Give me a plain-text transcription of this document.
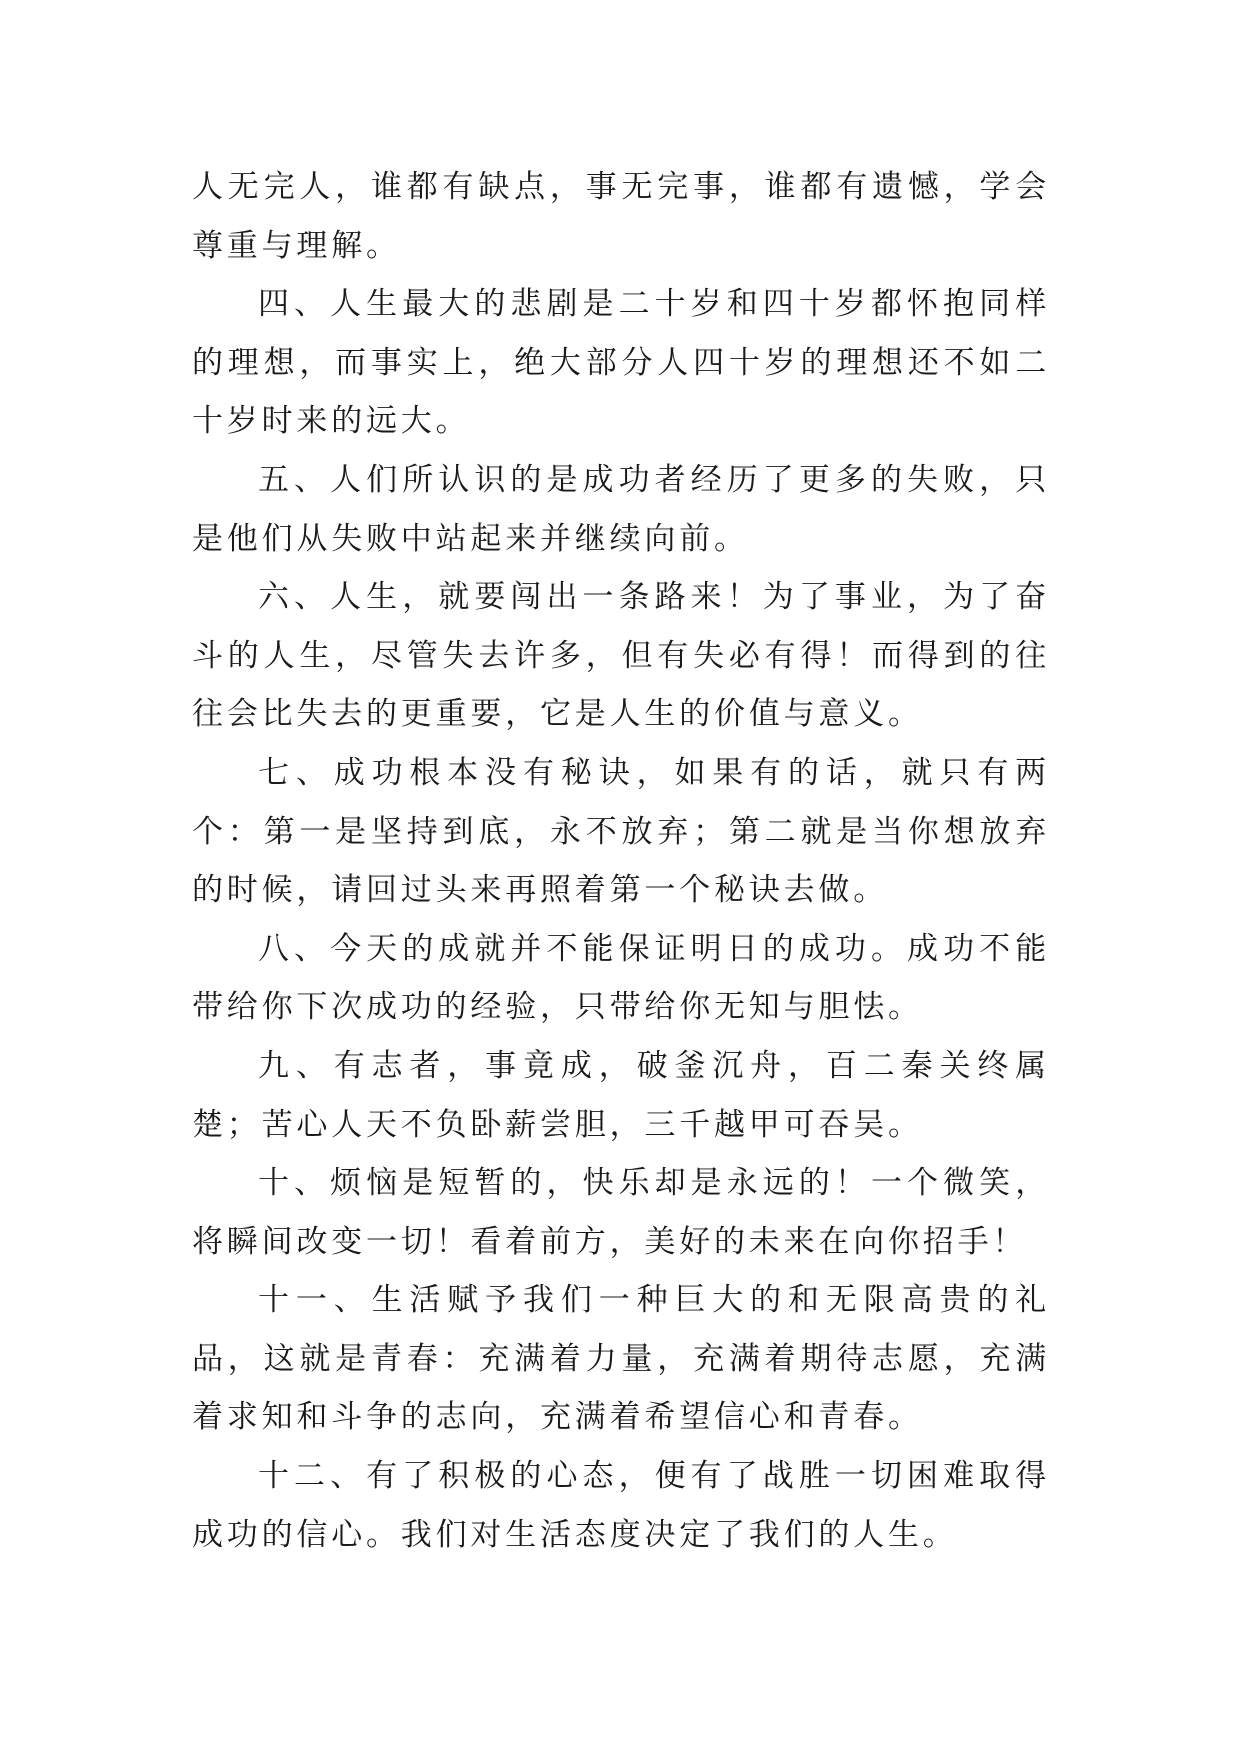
人无完人，谁都有缺点，事无完事，谁都有遗憾，学会尊重与理解。

四、人生最大的悲剧是二十岁和四十岁都怀抱同样的理想，而事实上，绝大部分人四十岁的理想还不如二十岁时来的远大。

五、人们所认识的是成功者经历了更多的失败，只是他们从失败中站起来并继续向前。

六、人生，就要闯出一条路来！为了事业，为了奋斗的人生，尽管失去许多，但有失必有得！而得到的往往会比失去的更重要，它是人生的价值与意义。

七、成功根本没有秘诀，如果有的话，就只有两个：第一是坚持到底，永不放弃；第二就是当你想放弃的时候，请回过头来再照着第一个秘诀去做。

八、今天的成就并不能保证明日的成功。成功不能带给你下次成功的经验，只带给你无知与胆怯。

九、有志者，事竟成，破釜沉舟，百二秦关终属楚；苦心人天不负卧薪尝胆，三千越甲可吞吴。

十、烦恼是短暂的，快乐却是永远的！一个微笑，将瞬间改变一切！看着前方，美好的未来在向你招手！

十一、生活赋予我们一种巨大的和无限高贵的礼品，这就是青春：充满着力量，充满着期待志愿，充满着求知和斗争的志向，充满着希望信心和青春。

十二、有了积极的心态，便有了战胜一切困难取得成功的信心。我们对生活态度决定了我们的人生。
